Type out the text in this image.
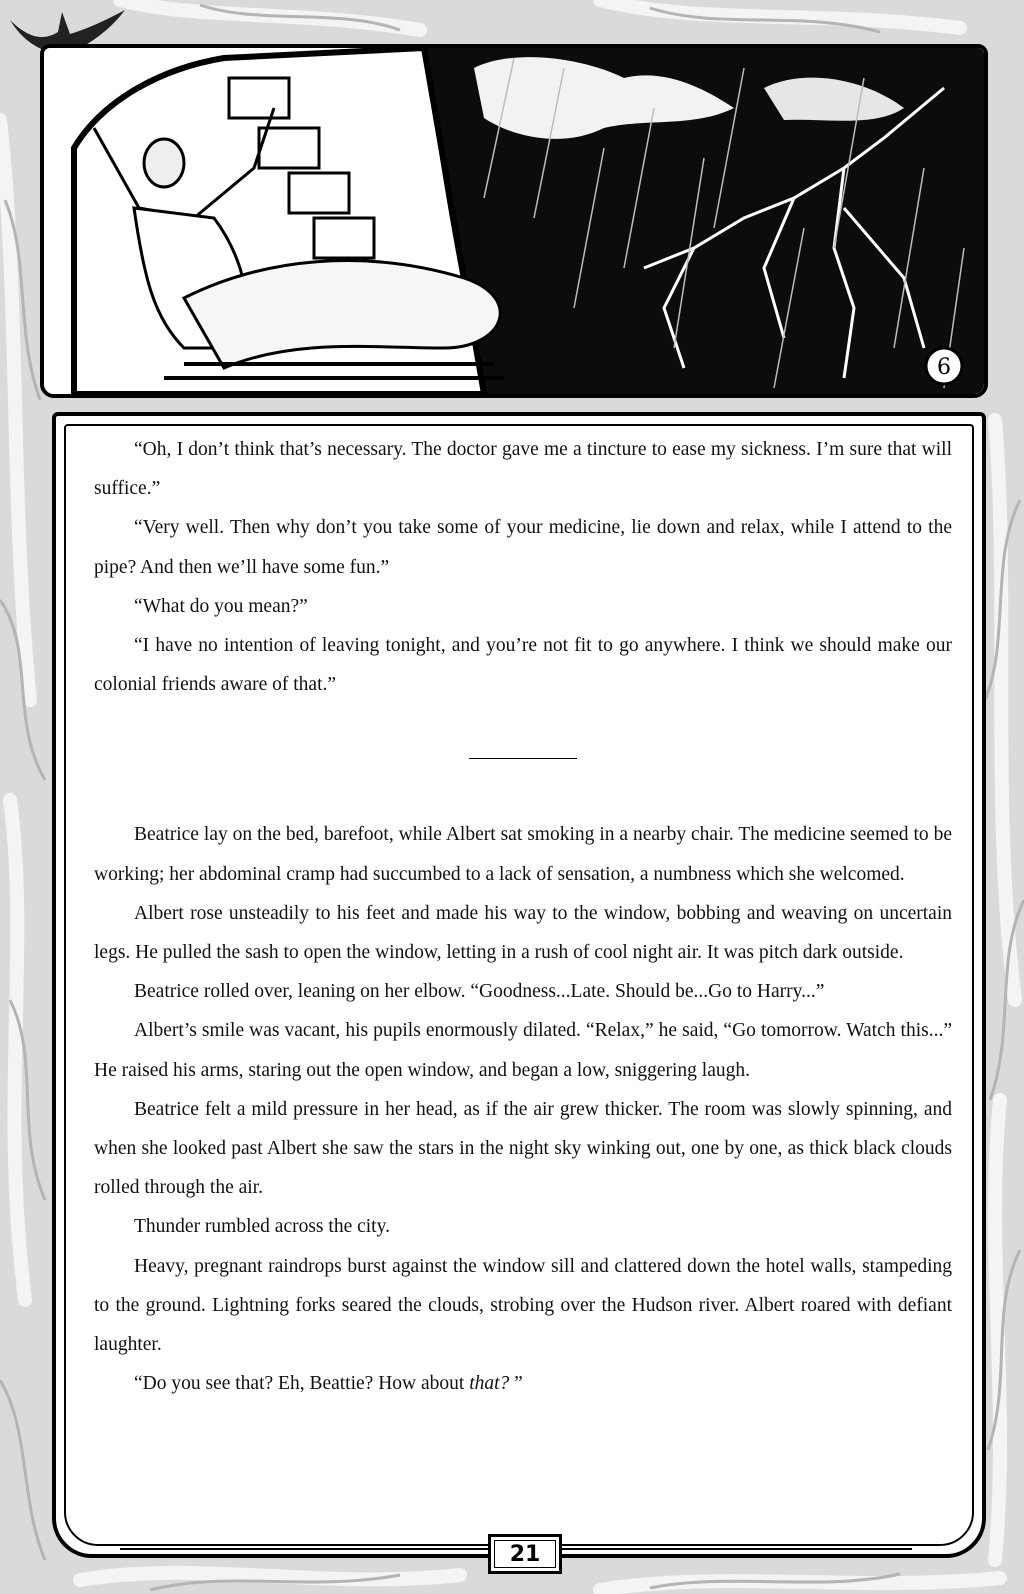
6

“Oh, I don’t think that’s necessary. The doctor gave me a tincture to ease my sickness. I’m sure that will suffice.”

“Very well. Then why don’t you take some of your medicine, lie down and relax, while I attend to the pipe? And then we’ll have some fun.”

“What do you mean?”

“I have no intention of leaving tonight, and you’re not fit to go anywhere. I think we should make our colonial friends aware of that.”

Beatrice lay on the bed, barefoot, while Albert sat smoking in a nearby chair. The medicine seemed to be working; her abdominal cramp had succumbed to a lack of sensation, a numbness which she welcomed.

Albert rose unsteadily to his feet and made his way to the window, bobbing and weaving on uncertain legs. He pulled the sash to open the window, letting in a rush of cool night air. It was pitch dark outside.

Beatrice rolled over, leaning on her elbow. “Goodness...Late. Should be...Go to Harry...”

Albert’s smile was vacant, his pupils enormously dilated. “Relax,” he said, “Go tomorrow. Watch this...” He raised his arms, staring out the open window, and began a low, sniggering laugh.

Beatrice felt a mild pressure in her head, as if the air grew thicker. The room was slowly spinning, and when she looked past Albert she saw the stars in the night sky winking out, one by one, as thick black clouds rolled through the air.

Thunder rumbled across the city.

Heavy, pregnant raindrops burst against the window sill and clattered down the hotel walls, stampeding to the ground. Lightning forks seared the clouds, strobing over the Hudson river. Albert roared with defiant laughter.

“Do you see that? Eh, Beattie? How about that? ”

21
